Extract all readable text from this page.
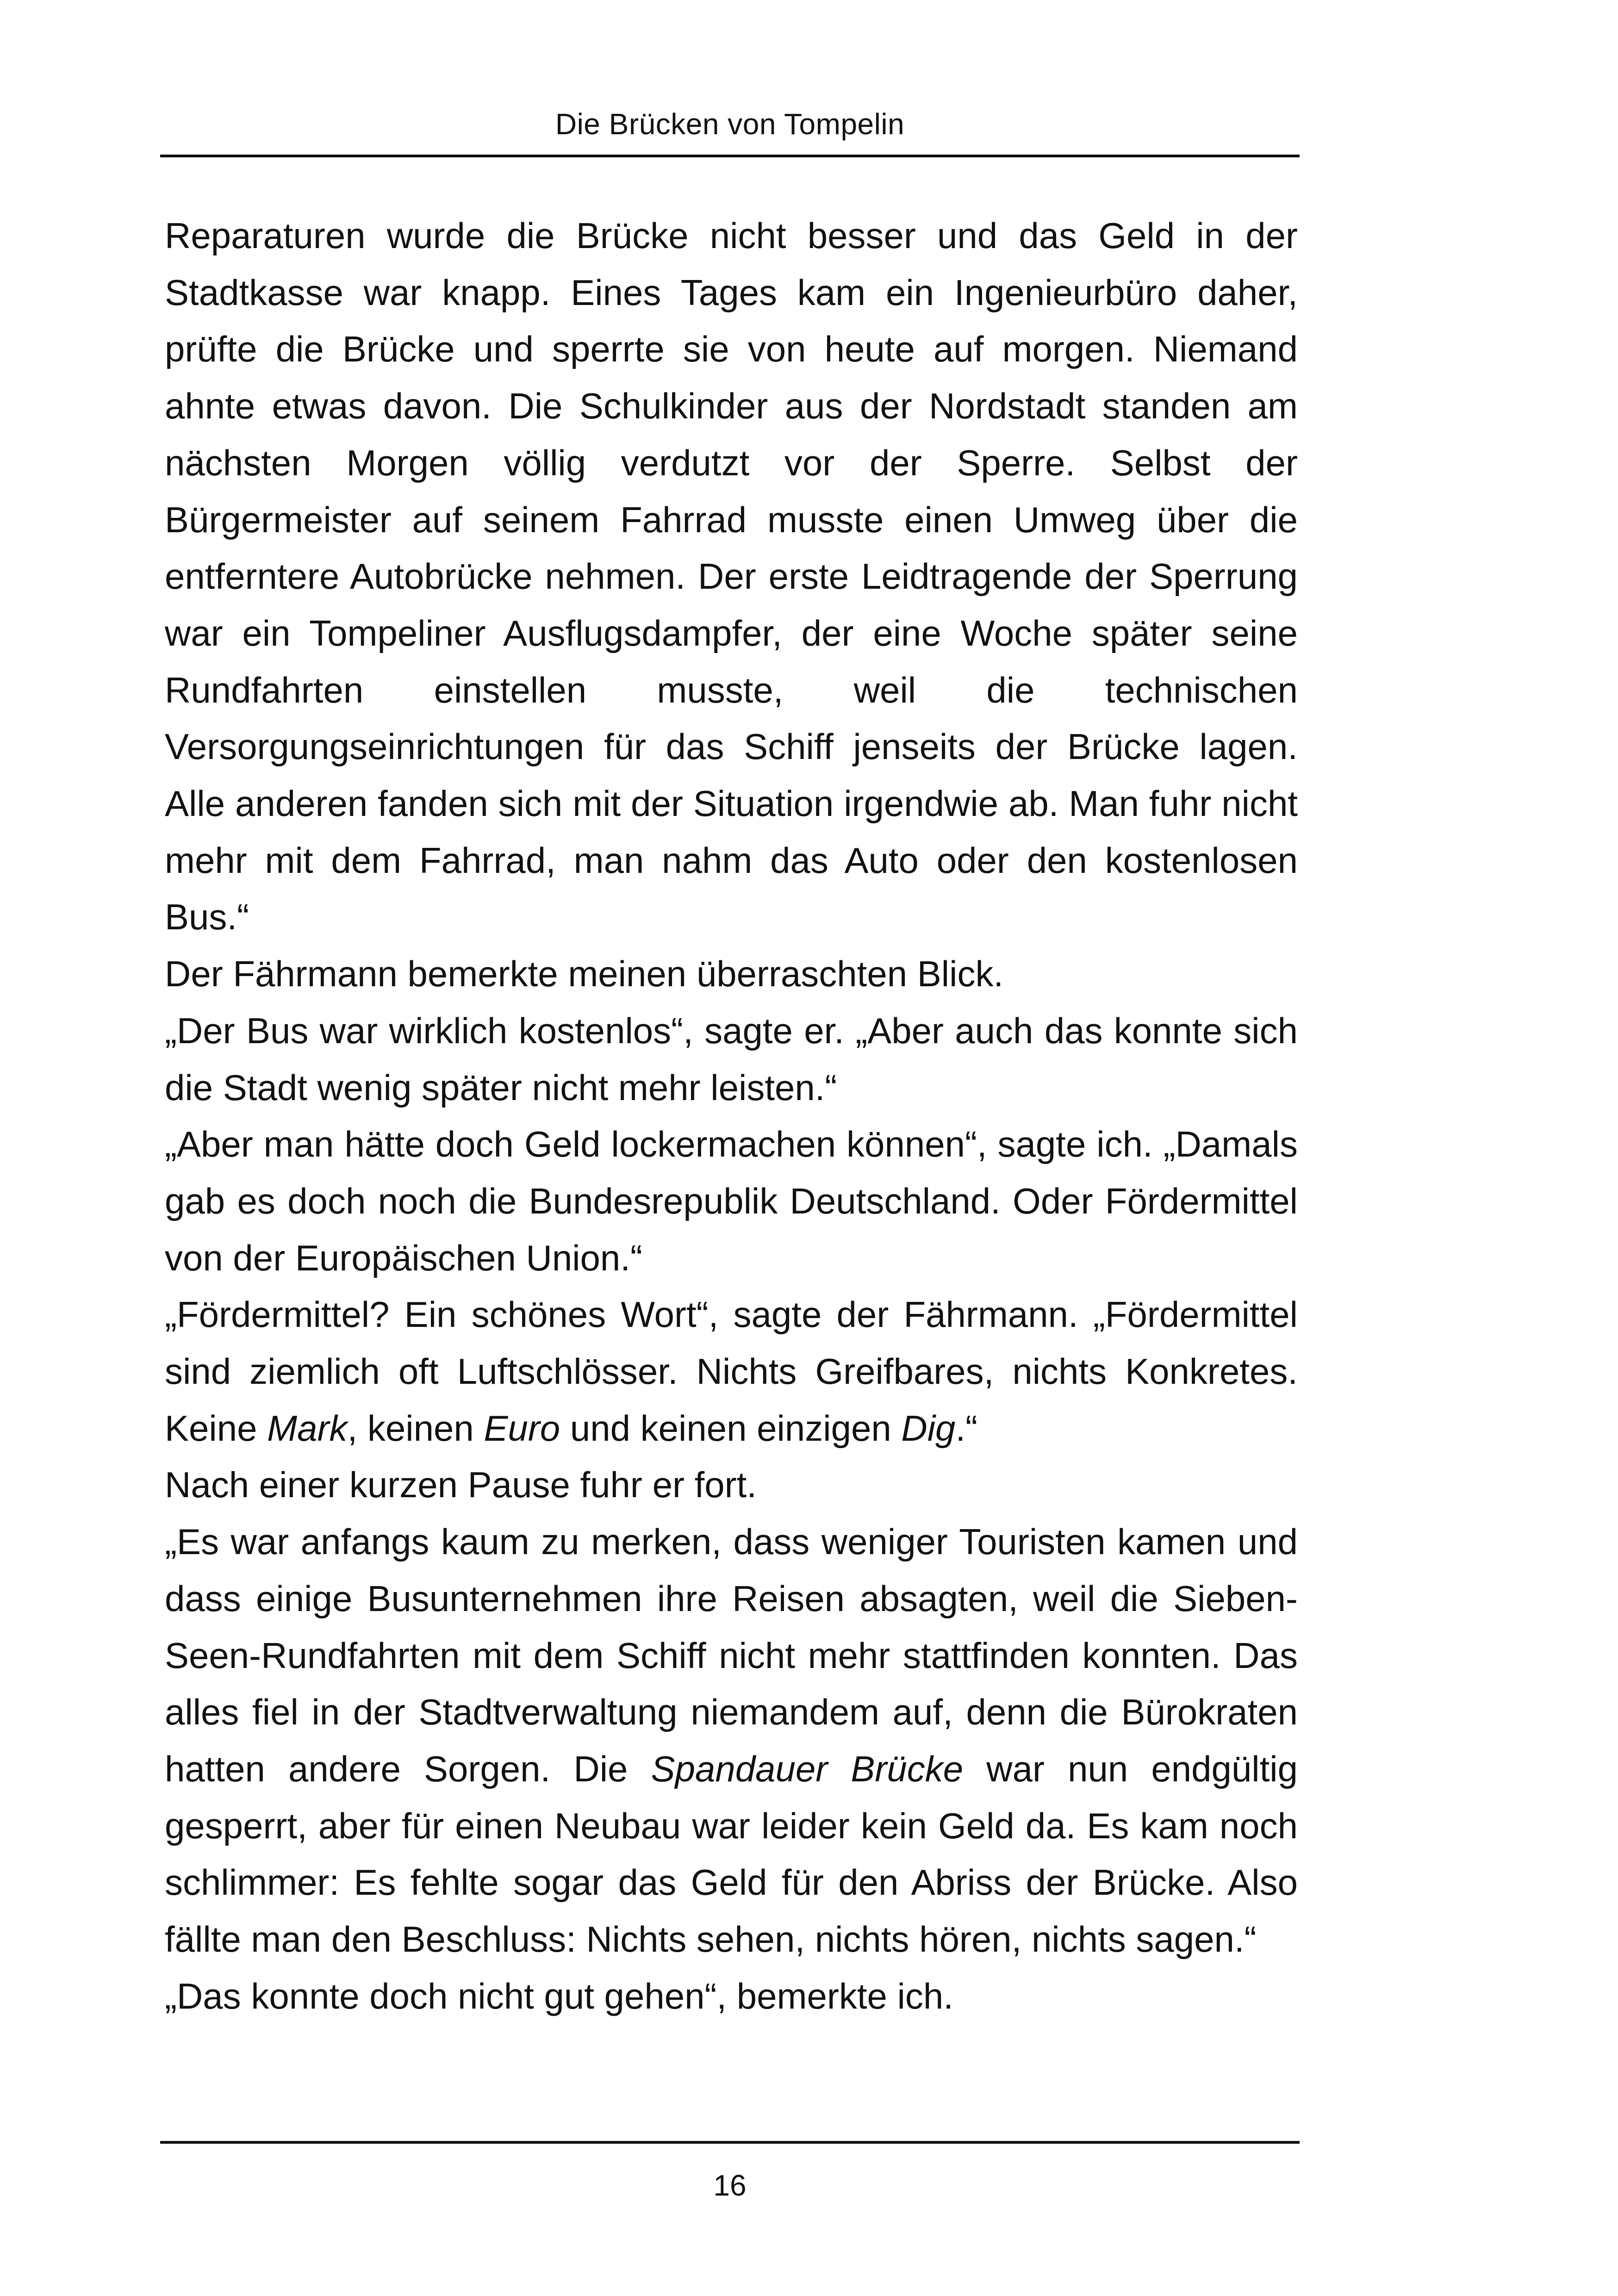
Die Brücken von Tompelin

Reparaturen wurde die Brücke nicht besser und das Geld in der Stadtkasse war knapp. Eines Tages kam ein Ingenieurbüro daher, prüfte die Brücke und sperrte sie von heute auf morgen. Niemand ahnte etwas davon. Die Schulkinder aus der Nordstadt standen am nächsten Morgen völlig verdutzt vor der Sperre. Selbst der Bürgermeister auf seinem Fahrrad musste einen Umweg über die entferntere Autobrücke nehmen. Der erste Leidtragende der Sperrung war ein Tompeliner Ausflugsdampfer, der eine Woche später seine Rundfahrten einstellen musste, weil die technischen Versorgungseinrichtungen für das Schiff jenseits der Brücke lagen. Alle anderen fanden sich mit der Situation irgendwie ab. Man fuhr nicht mehr mit dem Fahrrad, man nahm das Auto oder den kostenlosen Bus.“

Der Fährmann bemerkte meinen überraschten Blick.

„Der Bus war wirklich kostenlos“, sagte er. „Aber auch das konnte sich die Stadt wenig später nicht mehr leisten.“

„Aber man hätte doch Geld lockermachen können“, sagte ich. „Damals gab es doch noch die Bundesrepublik Deutschland. Oder Fördermittel von der Europäischen Union.“

„Fördermittel? Ein schönes Wort“, sagte der Fährmann. „Fördermittel sind ziemlich oft Luftschlösser. Nichts Greifbares, nichts Konkretes. Keine Mark, keinen Euro und keinen einzigen Dig.“

Nach einer kurzen Pause fuhr er fort.

„Es war anfangs kaum zu merken, dass weniger Touristen kamen und dass einige Busunternehmen ihre Reisen absagten, weil die Sieben-Seen-Rundfahrten mit dem Schiff nicht mehr stattfinden konnten. Das alles fiel in der Stadtverwaltung niemandem auf, denn die Bürokraten hatten andere Sorgen. Die Spandauer Brücke war nun endgültig gesperrt, aber für einen Neubau war leider kein Geld da. Es kam noch schlimmer: Es fehlte sogar das Geld für den Abriss der Brücke. Also fällte man den Beschluss: Nichts sehen, nichts hören, nichts sagen.“

„Das konnte doch nicht gut gehen“, bemerkte ich.

16
